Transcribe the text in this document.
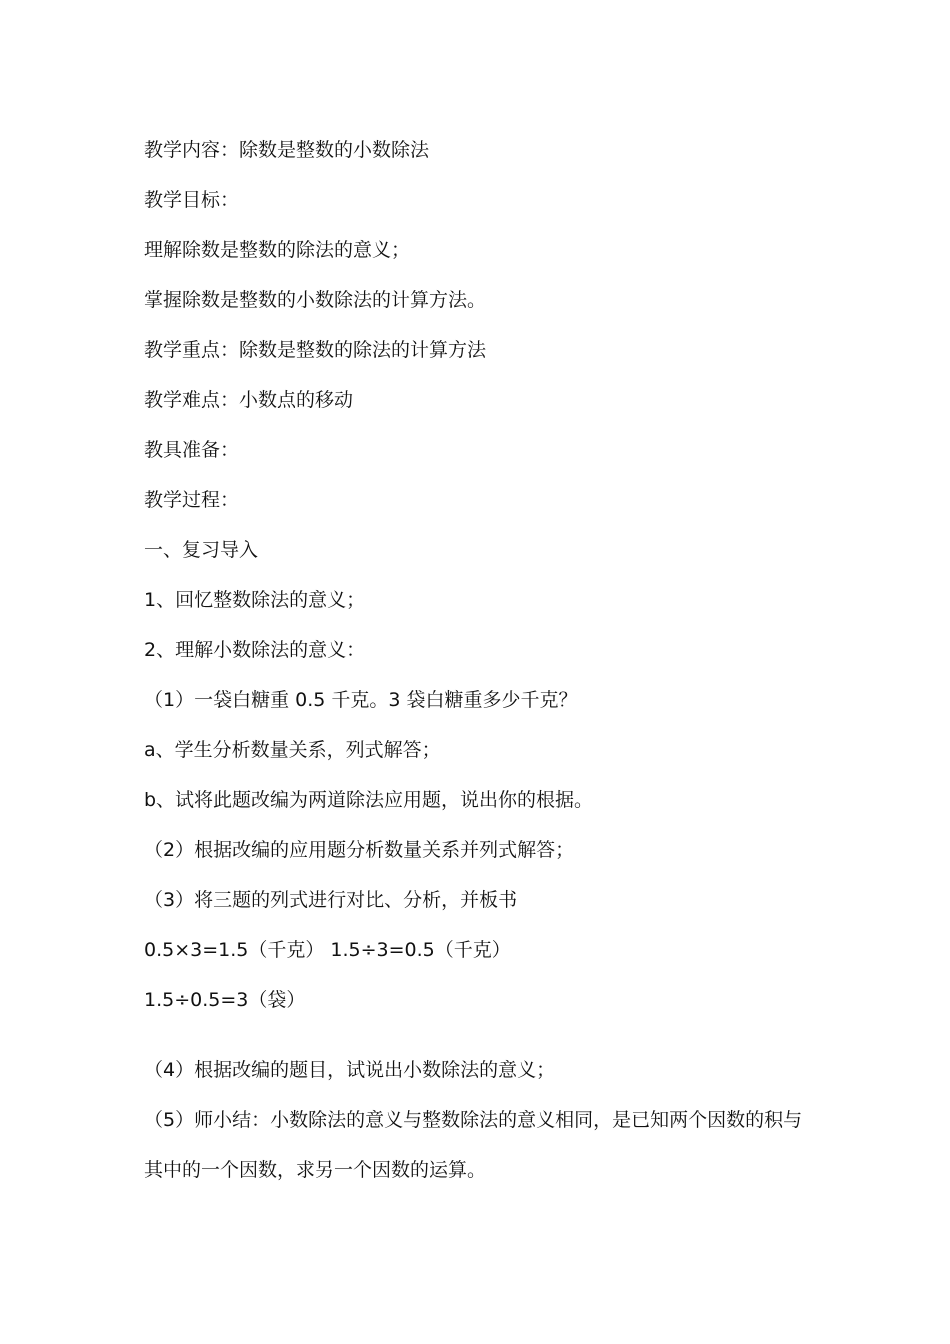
教学内容：除数是整数的小数除法
教学目标：
理解除数是整数的除法的意义；
掌握除数是整数的小数除法的计算方法。
教学重点：除数是整数的除法的计算方法
教学难点：小数点的移动
教具准备：
教学过程：
一、复习导入
1、回忆整数除法的意义；
2、理解小数除法的意义：
（1）一袋白糖重 0.5 千克。3 袋白糖重多少千克？
a、学生分析数量关系，列式解答；
b、试将此题改编为两道除法应用题，说出你的根据。
（2）根据改编的应用题分析数量关系并列式解答；
（3）将三题的列式进行对比、分析，并板书
0.5×3=1.5（千克） 1.5÷3=0.5（千克）
1.5÷0.5=3（袋）
（4）根据改编的题目，试说出小数除法的意义；
（5）师小结：小数除法的意义与整数除法的意义相同，是已知两个因数的积与
其中的一个因数，求另一个因数的运算。
